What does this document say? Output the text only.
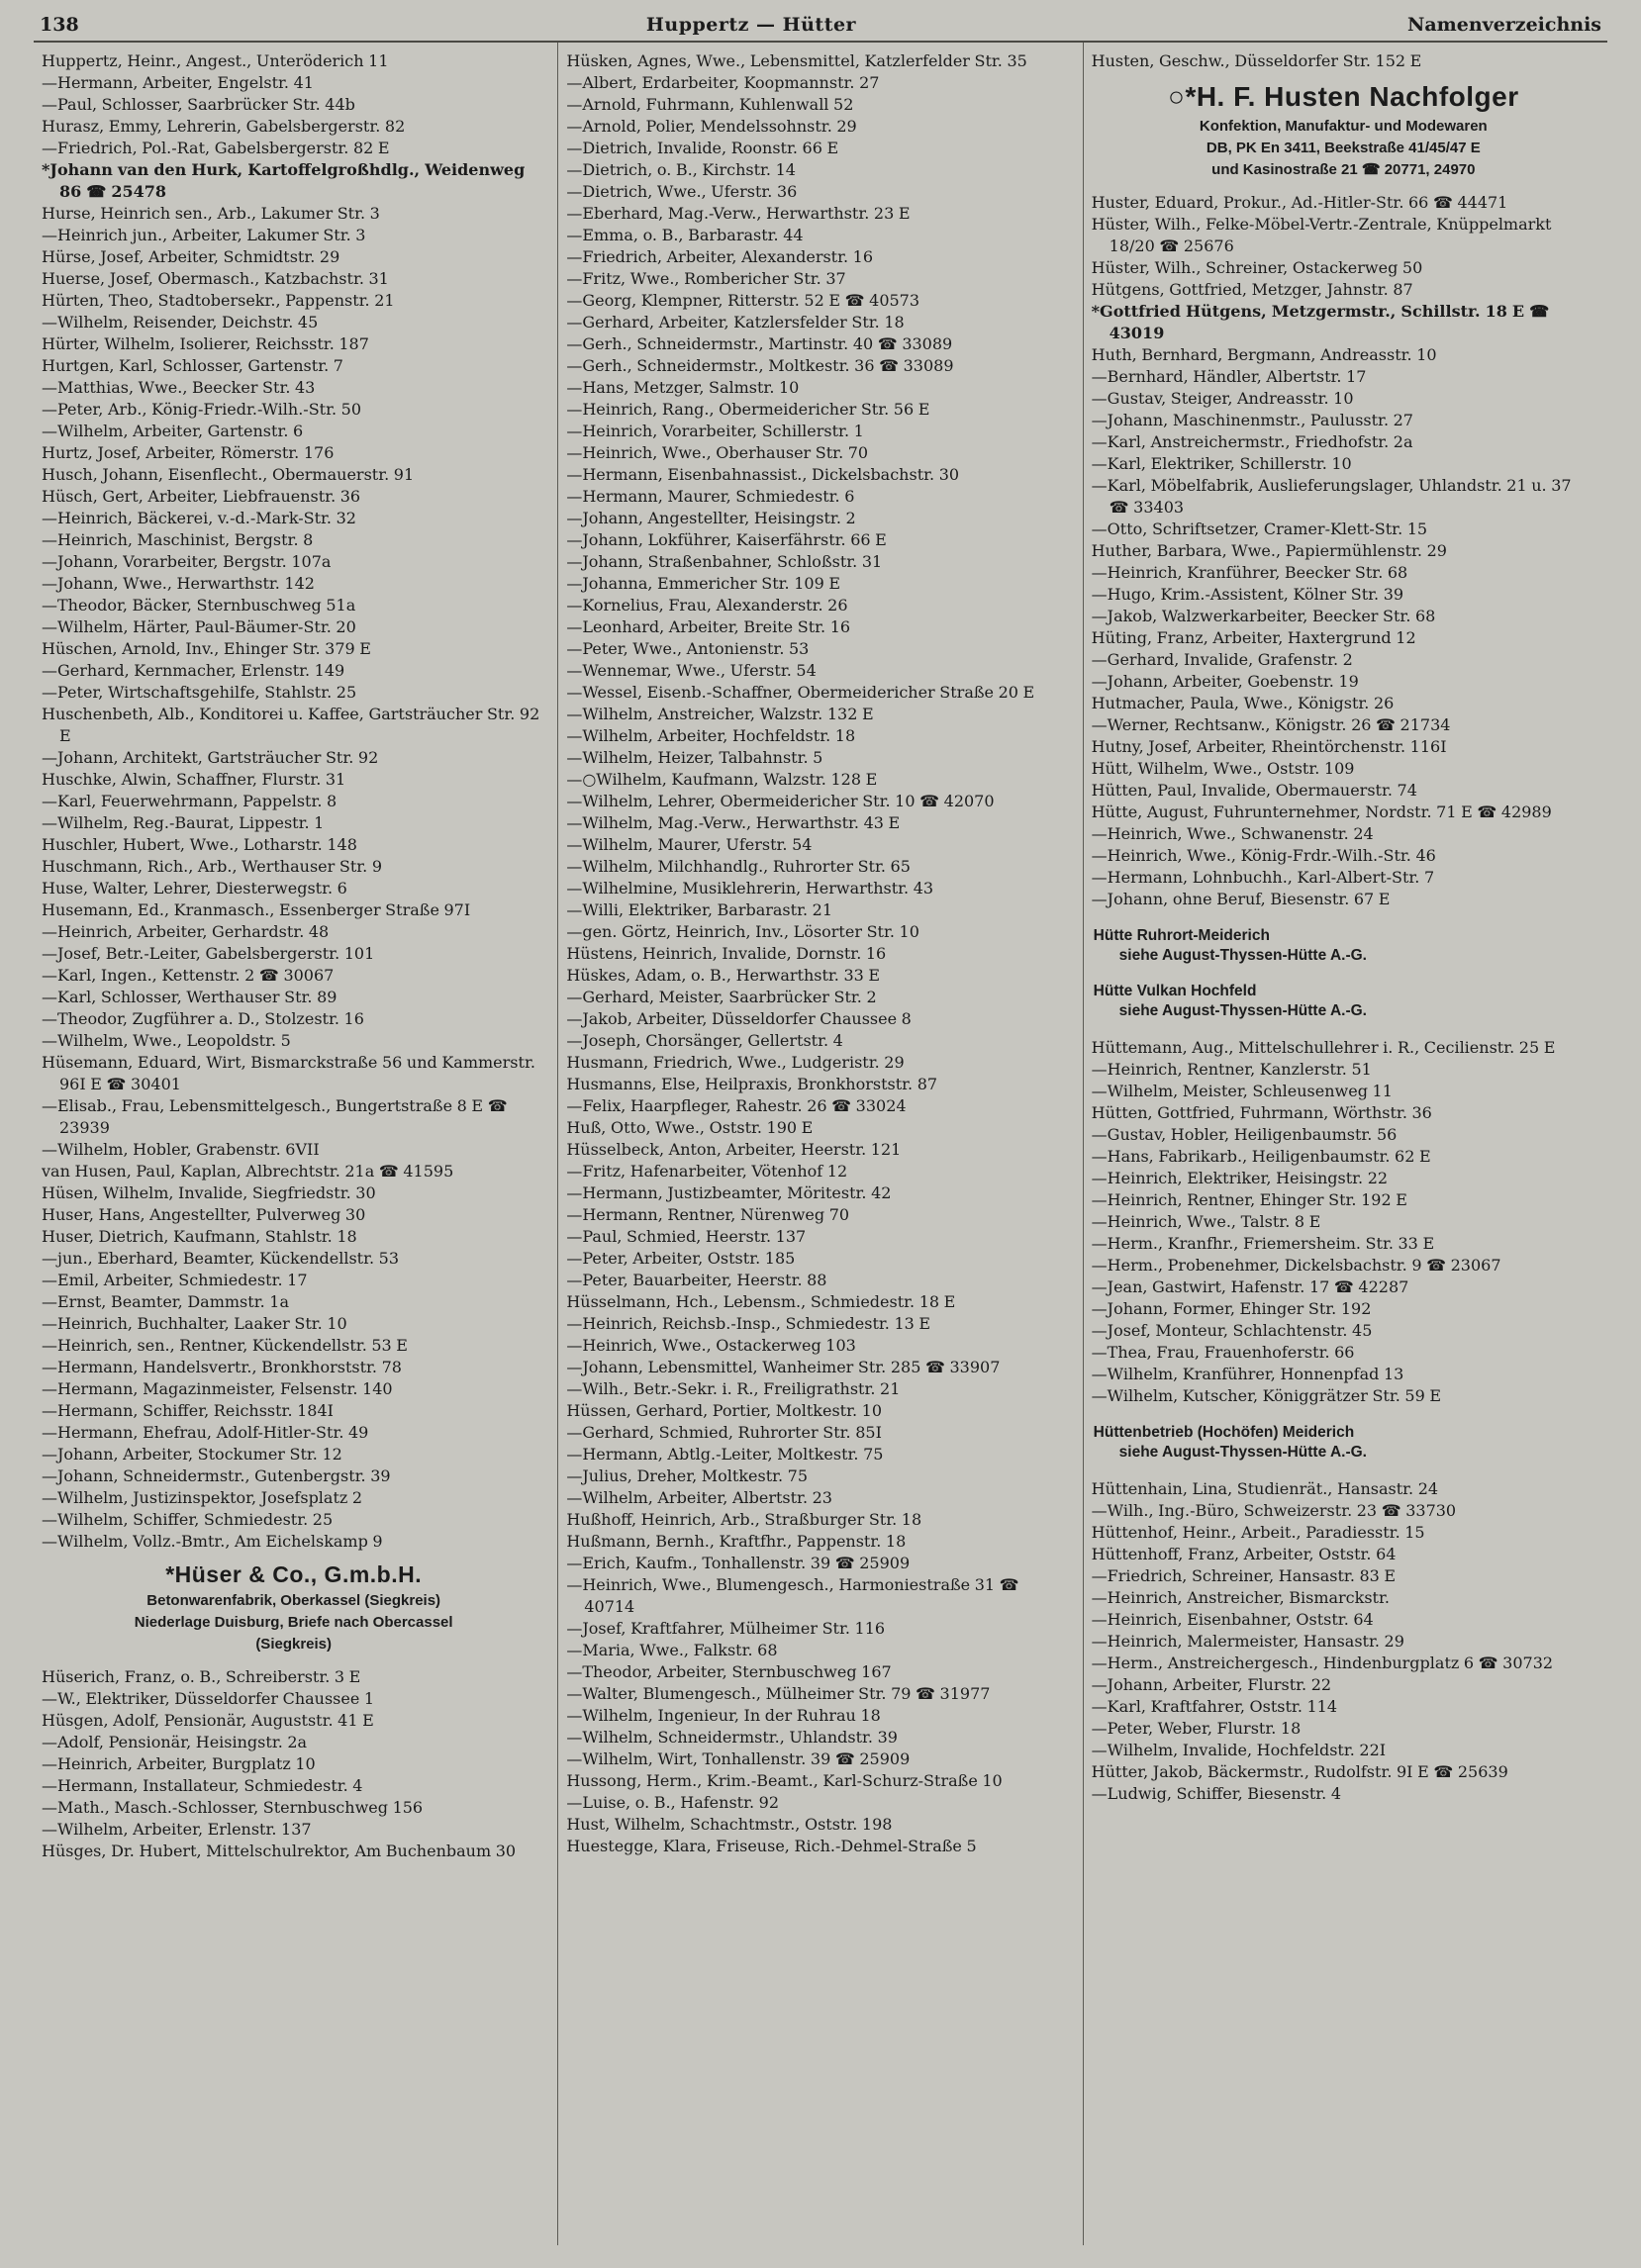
138	Huppertz — Hütter	Namenverzeichnis

Huppertz, Heinr., Angest., Unteröderich 11

—Hermann, Arbeiter, Engelstr. 41

—Paul, Schlosser, Saarbrücker Str. 44b

Hurasz, Emmy, Lehrerin, Gabelsbergerstr. 82

—Friedrich, Pol.-Rat, Gabelsbergerstr. 82 E

*Johann van den Hurk, Kartoffelgroßhdlg., Weidenweg 86 ☎ 25478

Hurse, Heinrich sen., Arb., Lakumer Str. 3

—Heinrich jun., Arbeiter, Lakumer Str. 3

Hürse, Josef, Arbeiter, Schmidtstr. 29

Huerse, Josef, Obermasch., Katzbachstr. 31

Hürten, Theo, Stadtobersekr., Pappenstr. 21

—Wilhelm, Reisender, Deichstr. 45

Hürter, Wilhelm, Isolierer, Reichsstr. 187

Hurtgen, Karl, Schlosser, Gartenstr. 7

—Matthias, Wwe., Beecker Str. 43

—Peter, Arb., König-Friedr.-Wilh.-Str. 50

—Wilhelm, Arbeiter, Gartenstr. 6

Hurtz, Josef, Arbeiter, Römerstr. 176

Husch, Johann, Eisenflecht., Obermauerstr. 91

Hüsch, Gert, Arbeiter, Liebfrauenstr. 36

—Heinrich, Bäckerei, v.-d.-Mark-Str. 32

—Heinrich, Maschinist, Bergstr. 8

—Johann, Vorarbeiter, Bergstr. 107a

—Johann, Wwe., Herwarthstr. 142

—Theodor, Bäcker, Sternbuschweg 51a

—Wilhelm, Härter, Paul-Bäumer-Str. 20

Hüschen, Arnold, Inv., Ehinger Str. 379 E

—Gerhard, Kernmacher, Erlenstr. 149

—Peter, Wirtschaftsgehilfe, Stahlstr. 25

Huschenbeth, Alb., Konditorei u. Kaffee, Gartsträucher Str. 92 E

—Johann, Architekt, Gartsträucher Str. 92

Huschke, Alwin, Schaffner, Flurstr. 31

—Karl, Feuerwehrmann, Pappelstr. 8

—Wilhelm, Reg.-Baurat, Lippestr. 1

Huschler, Hubert, Wwe., Lotharstr. 148

Huschmann, Rich., Arb., Werthauser Str. 9

Huse, Walter, Lehrer, Diesterwegstr. 6

Husemann, Ed., Kranmasch., Essenberger Straße 97I

—Heinrich, Arbeiter, Gerhardstr. 48

—Josef, Betr.-Leiter, Gabelsbergerstr. 101

—Karl, Ingen., Kettenstr. 2 ☎ 30067

—Karl, Schlosser, Werthauser Str. 89

—Theodor, Zugführer a. D., Stolzestr. 16

—Wilhelm, Wwe., Leopoldstr. 5

Hüsemann, Eduard, Wirt, Bismarckstraße 56 und Kammerstr. 96I E ☎ 30401

—Elisab., Frau, Lebensmittelgesch., Bungertstraße 8 E ☎ 23939

—Wilhelm, Hobler, Grabenstr. 6VII

van Husen, Paul, Kaplan, Albrechtstr. 21a ☎ 41595

Hüsen, Wilhelm, Invalide, Siegfriedstr. 30

Huser, Hans, Angestellter, Pulverweg 30

Huser, Dietrich, Kaufmann, Stahlstr. 18

—jun., Eberhard, Beamter, Kückendellstr. 53

—Emil, Arbeiter, Schmiedestr. 17

—Ernst, Beamter, Dammstr. 1a

—Heinrich, Buchhalter, Laaker Str. 10

—Heinrich, sen., Rentner, Kückendellstr. 53 E

—Hermann, Handelsvertr., Bronkhorststr. 78

—Hermann, Magazinmeister, Felsenstr. 140

—Hermann, Schiffer, Reichsstr. 184I

—Hermann, Ehefrau, Adolf-Hitler-Str. 49

—Johann, Arbeiter, Stockumer Str. 12

—Johann, Schneidermstr., Gutenbergstr. 39

—Wilhelm, Justizinspektor, Josefsplatz 2

—Wilhelm, Schiffer, Schmiedestr. 25

—Wilhelm, Vollz.-Bmtr., Am Eichelskamp 9

*Hüser & Co., G.m.b.H.

Betonwarenfabrik, Oberkassel (Siegkreis)

Niederlage Duisburg, Briefe nach Obercassel

(Siegkreis)

Hüserich, Franz, o. B., Schreiberstr. 3 E

—W., Elektriker, Düsseldorfer Chaussee 1

Hüsgen, Adolf, Pensionär, Auguststr. 41 E

—Adolf, Pensionär, Heisingstr. 2a

—Heinrich, Arbeiter, Burgplatz 10

—Hermann, Installateur, Schmiedestr. 4

—Math., Masch.-Schlosser, Sternbuschweg 156

—Wilhelm, Arbeiter, Erlenstr. 137

Hüsges, Dr. Hubert, Mittelschulrektor, Am Buchenbaum 30

Hüsken, Agnes, Wwe., Lebensmittel, Katzlerfelder Str. 35

—Albert, Erdarbeiter, Koopmannstr. 27

—Arnold, Fuhrmann, Kuhlenwall 52

—Arnold, Polier, Mendelssohnstr. 29

—Dietrich, Invalide, Roonstr. 66 E

—Dietrich, o. B., Kirchstr. 14

—Dietrich, Wwe., Uferstr. 36

—Eberhard, Mag.-Verw., Herwarthstr. 23 E

—Emma, o. B., Barbarastr. 44

—Friedrich, Arbeiter, Alexanderstr. 16

—Fritz, Wwe., Rombericher Str. 37

—Georg, Klempner, Ritterstr. 52 E ☎ 40573

—Gerhard, Arbeiter, Katzlersfelder Str. 18

—Gerh., Schneidermstr., Martinstr. 40 ☎ 33089

—Gerh., Schneidermstr., Moltkestr. 36 ☎ 33089

—Hans, Metzger, Salmstr. 10

—Heinrich, Rang., Obermeidericher Str. 56 E

—Heinrich, Vorarbeiter, Schillerstr. 1

—Heinrich, Wwe., Oberhauser Str. 70

—Hermann, Eisenbahnassist., Dickelsbachstr. 30

—Hermann, Maurer, Schmiedestr. 6

—Johann, Angestellter, Heisingstr. 2

—Johann, Lokführer, Kaiserfährstr. 66 E

—Johann, Straßenbahner, Schloßstr. 31

—Johanna, Emmericher Str. 109 E

—Kornelius, Frau, Alexanderstr. 26

—Leonhard, Arbeiter, Breite Str. 16

—Peter, Wwe., Antonienstr. 53

—Wennemar, Wwe., Uferstr. 54

—Wessel, Eisenb.-Schaffner, Obermeidericher Straße 20 E

—Wilhelm, Anstreicher, Walzstr. 132 E

—Wilhelm, Arbeiter, Hochfeldstr. 18

—Wilhelm, Heizer, Talbahnstr. 5

—○Wilhelm, Kaufmann, Walzstr. 128 E

—Wilhelm, Lehrer, Obermeidericher Str. 10 ☎ 42070

—Wilhelm, Mag.-Verw., Herwarthstr. 43 E

—Wilhelm, Maurer, Uferstr. 54

—Wilhelm, Milchhandlg., Ruhrorter Str. 65

—Wilhelmine, Musiklehrerin, Herwarthstr. 43

—Willi, Elektriker, Barbarastr. 21

—gen. Görtz, Heinrich, Inv., Lösorter Str. 10

Hüstens, Heinrich, Invalide, Dornstr. 16

Hüskes, Adam, o. B., Herwarthstr. 33 E

—Gerhard, Meister, Saarbrücker Str. 2

—Jakob, Arbeiter, Düsseldorfer Chaussee 8

—Joseph, Chorsänger, Gellertstr. 4

Husmann, Friedrich, Wwe., Ludgeristr. 29

Husmanns, Else, Heilpraxis, Bronkhorststr. 87

—Felix, Haarpfleger, Rahestr. 26 ☎ 33024

Huß, Otto, Wwe., Oststr. 190 E

Hüsselbeck, Anton, Arbeiter, Heerstr. 121

—Fritz, Hafenarbeiter, Vötenhof 12

—Hermann, Justizbeamter, Möritestr. 42

—Hermann, Rentner, Nürenweg 70

—Paul, Schmied, Heerstr. 137

—Peter, Arbeiter, Oststr. 185

—Peter, Bauarbeiter, Heerstr. 88

Hüsselmann, Hch., Lebensm., Schmiedestr. 18 E

—Heinrich, Reichsb.-Insp., Schmiedestr. 13 E

—Heinrich, Wwe., Ostackerweg 103

—Johann, Lebensmittel, Wanheimer Str. 285 ☎ 33907

—Wilh., Betr.-Sekr. i. R., Freiligrathstr. 21

Hüssen, Gerhard, Portier, Moltkestr. 10

—Gerhard, Schmied, Ruhrorter Str. 85I

—Hermann, Abtlg.-Leiter, Moltkestr. 75

—Julius, Dreher, Moltkestr. 75

—Wilhelm, Arbeiter, Albertstr. 23

Hußhoff, Heinrich, Arb., Straßburger Str. 18

Hußmann, Bernh., Kraftfhr., Pappenstr. 18

—Erich, Kaufm., Tonhallenstr. 39 ☎ 25909

—Heinrich, Wwe., Blumengesch., Harmoniestraße 31 ☎ 40714

—Josef, Kraftfahrer, Mülheimer Str. 116

—Maria, Wwe., Falkstr. 68

—Theodor, Arbeiter, Sternbuschweg 167

—Walter, Blumengesch., Mülheimer Str. 79 ☎ 31977

—Wilhelm, Ingenieur, In der Ruhrau 18

—Wilhelm, Schneidermstr., Uhlandstr. 39

—Wilhelm, Wirt, Tonhallenstr. 39 ☎ 25909

Hussong, Herm., Krim.-Beamt., Karl-Schurz-Straße 10

—Luise, o. B., Hafenstr. 92

Hust, Wilhelm, Schachtmstr., Oststr. 198

Huestegge, Klara, Friseuse, Rich.-Dehmel-Straße 5

Husten, Geschw., Düsseldorfer Str. 152 E

○*H. F. Husten Nachfolger

Konfektion, Manufaktur- und Modewaren

DB, PK En 3411, Beekstraße 41/45/47 E

und Kasinostraße 21 ☎ 20771, 24970

Huster, Eduard, Prokur., Ad.-Hitler-Str. 66 ☎ 44471

Hüster, Wilh., Felke-Möbel-Vertr.-Zentrale, Knüppelmarkt 18/20 ☎ 25676

Hüster, Wilh., Schreiner, Ostackerweg 50

Hütgens, Gottfried, Metzger, Jahnstr. 87

*Gottfried Hütgens, Metzgermstr., Schillstr. 18 E ☎ 43019

Huth, Bernhard, Bergmann, Andreasstr. 10

—Bernhard, Händler, Albertstr. 17

—Gustav, Steiger, Andreasstr. 10

—Johann, Maschinenmstr., Paulusstr. 27

—Karl, Anstreichermstr., Friedhofstr. 2a

—Karl, Elektriker, Schillerstr. 10

—Karl, Möbelfabrik, Auslieferungslager, Uhlandstr. 21 u. 37 ☎ 33403

—Otto, Schriftsetzer, Cramer-Klett-Str. 15

Huther, Barbara, Wwe., Papiermühlenstr. 29

—Heinrich, Kranführer, Beecker Str. 68

—Hugo, Krim.-Assistent, Kölner Str. 39

—Jakob, Walzwerkarbeiter, Beecker Str. 68

Hüting, Franz, Arbeiter, Haxtergrund 12

—Gerhard, Invalide, Grafenstr. 2

—Johann, Arbeiter, Goebenstr. 19

Hutmacher, Paula, Wwe., Königstr. 26

—Werner, Rechtsanw., Königstr. 26 ☎ 21734

Hutny, Josef, Arbeiter, Rheintörchenstr. 116I

Hütt, Wilhelm, Wwe., Oststr. 109

Hütten, Paul, Invalide, Obermauerstr. 74

Hütte, August, Fuhrunternehmer, Nordstr. 71 E ☎ 42989

—Heinrich, Wwe., Schwanenstr. 24

—Heinrich, Wwe., König-Frdr.-Wilh.-Str. 46

—Hermann, Lohnbuchh., Karl-Albert-Str. 7

—Johann, ohne Beruf, Biesenstr. 67 E

Hütte Ruhrort-Meiderich
siehe August-Thyssen-Hütte A.-G.
Hütte Vulkan Hochfeld
siehe August-Thyssen-Hütte A.-G.

Hüttemann, Aug., Mittelschullehrer i. R., Cecilienstr. 25 E

—Heinrich, Rentner, Kanzlerstr. 51

—Wilhelm, Meister, Schleusenweg 11

Hütten, Gottfried, Fuhrmann, Wörthstr. 36

—Gustav, Hobler, Heiligenbaumstr. 56

—Hans, Fabrikarb., Heiligenbaumstr. 62 E

—Heinrich, Elektriker, Heisingstr. 22

—Heinrich, Rentner, Ehinger Str. 192 E

—Heinrich, Wwe., Talstr. 8 E

—Herm., Kranfhr., Friemersheim. Str. 33 E

—Herm., Probenehmer, Dickelsbachstr. 9 ☎ 23067

—Jean, Gastwirt, Hafenstr. 17 ☎ 42287

—Johann, Former, Ehinger Str. 192

—Josef, Monteur, Schlachtenstr. 45

—Thea, Frau, Frauenhoferstr. 66

—Wilhelm, Kranführer, Honnenpfad 13

—Wilhelm, Kutscher, Königgrätzer Str. 59 E

Hüttenbetrieb (Hochöfen) Meiderich
siehe August-Thyssen-Hütte A.-G.

Hüttenhain, Lina, Studienrät., Hansastr. 24

—Wilh., Ing.-Büro, Schweizerstr. 23 ☎ 33730

Hüttenhof, Heinr., Arbeit., Paradiesstr. 15

Hüttenhoff, Franz, Arbeiter, Oststr. 64

—Friedrich, Schreiner, Hansastr. 83 E

—Heinrich, Anstreicher, Bismarckstr.

—Heinrich, Eisenbahner, Oststr. 64

—Heinrich, Malermeister, Hansastr. 29

—Herm., Anstreichergesch., Hindenburgplatz 6 ☎ 30732

—Johann, Arbeiter, Flurstr. 22

—Karl, Kraftfahrer, Oststr. 114

—Peter, Weber, Flurstr. 18

—Wilhelm, Invalide, Hochfeldstr. 22I

Hütter, Jakob, Bäckermstr., Rudolfstr. 9I E ☎ 25639

—Ludwig, Schiffer, Biesenstr. 4
